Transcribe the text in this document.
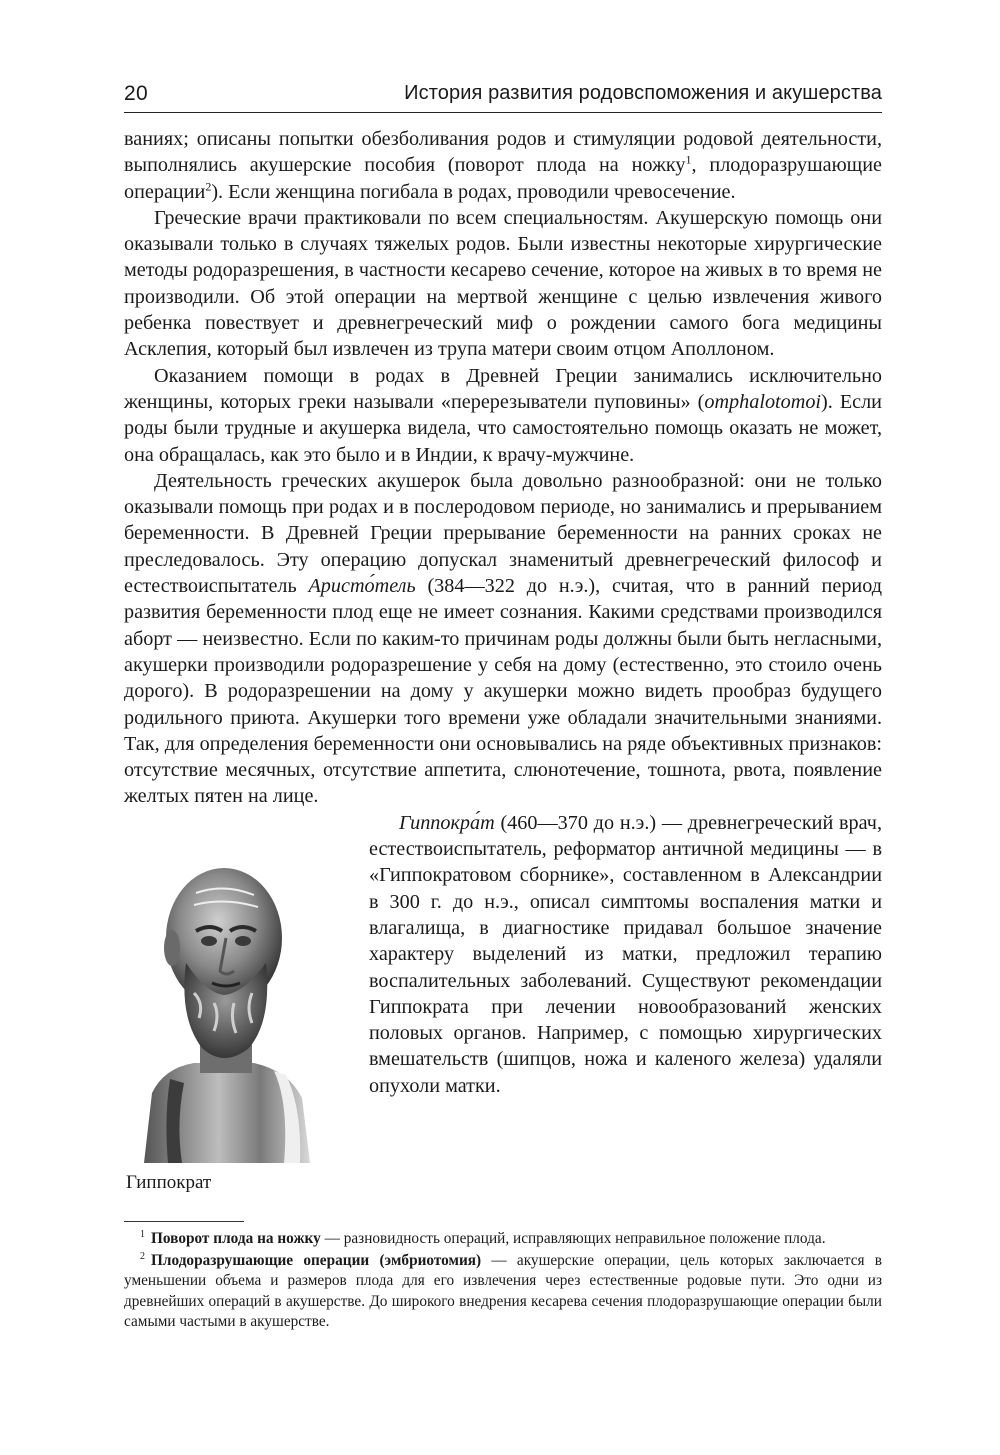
20	История развития родовспоможения и акушерства

ваниях; описаны попытки обезболивания родов и стимуляции родовой деятельности, выполнялись акушерские пособия (поворот плода на ножку$^1$, плодоразрушающие операции$^2$). Если женщина погибала в родах, проводили чревосечение.

Греческие врачи практиковали по всем специальностям. Акушерскую помощь они оказывали только в случаях тяжелых родов. Были известны некоторые хирургические методы родоразрешения, в частности кесарево сечение, которое на живых в то время не производили. Об этой операции на мертвой женщине с целью извлечения живого ребенка повествует и древнегреческий миф о рождении самого бога медицины Асклепия, который был извлечен из трупа матери своим отцом Аполлоном.

Оказанием помощи в родах в Древней Греции занимались исключительно женщины, которых греки называли «перерезыватели пуповины» (omphalotomoi). Если роды были трудные и акушерка видела, что самостоятельно помощь оказать не может, она обращалась, как это было и в Индии, к врачу-мужчине.

Деятельность греческих акушерок была довольно разнообразной: они не только оказывали помощь при родах и в послеродовом периоде, но занимались и прерыванием беременности. В Древней Греции прерывание беременности на ранних сроках не преследовалось. Эту операцию допускал знаменитый древнегреческий философ и естествоиспытатель Аристо́тель (384—322 до н.э.), считая, что в ранний период развития беременности плод еще не имеет сознания. Какими средствами производился аборт — неизвестно. Если по каким-то причинам роды должны были быть негласными, акушерки производили родоразрешение у себя на дому (естественно, это стоило очень дорого). В родоразрешении на дому у акушерки можно видеть прообраз будущего родильного приюта. Акушерки того времени уже обладали значительными знаниями. Так, для определения беременности они основывались на ряде объективных признаков: отсутствие месячных, отсутствие аппетита, слюнотечение, тошнота, рвота, появление желтых пятен на лице.

Гиппократ

Гиппокра́т (460—370 до н.э.) — древнегреческий врач, естествоиспытатель, реформатор античной медицины — в «Гиппократовом сборнике», составленном в Александрии в 300 г. до н.э., описал симптомы воспаления матки и влагалища, в диагностике придавал большое значение характеру выделений из матки, предложил терапию воспалительных заболеваний. Существуют рекомендации Гиппократа при лечении новообразований женских половых органов. Например, с помощью хирургических вмешательств (шипцов, ножа и каленого железа) удаляли опухоли матки.

$^1$ Поворот плода на ножку — разновидность операций, исправляющих неправильное положение плода.

$^2$ Плодоразрушающие операции (эмбриотомия) — акушерские операции, цель которых заключается в уменьшении объема и размеров плода для его извлечения через естественные родовые пути. Это одни из древнейших операций в акушерстве. До широкого внедрения кесарева сечения плодоразрушающие операции были самыми частыми в акушерстве.
